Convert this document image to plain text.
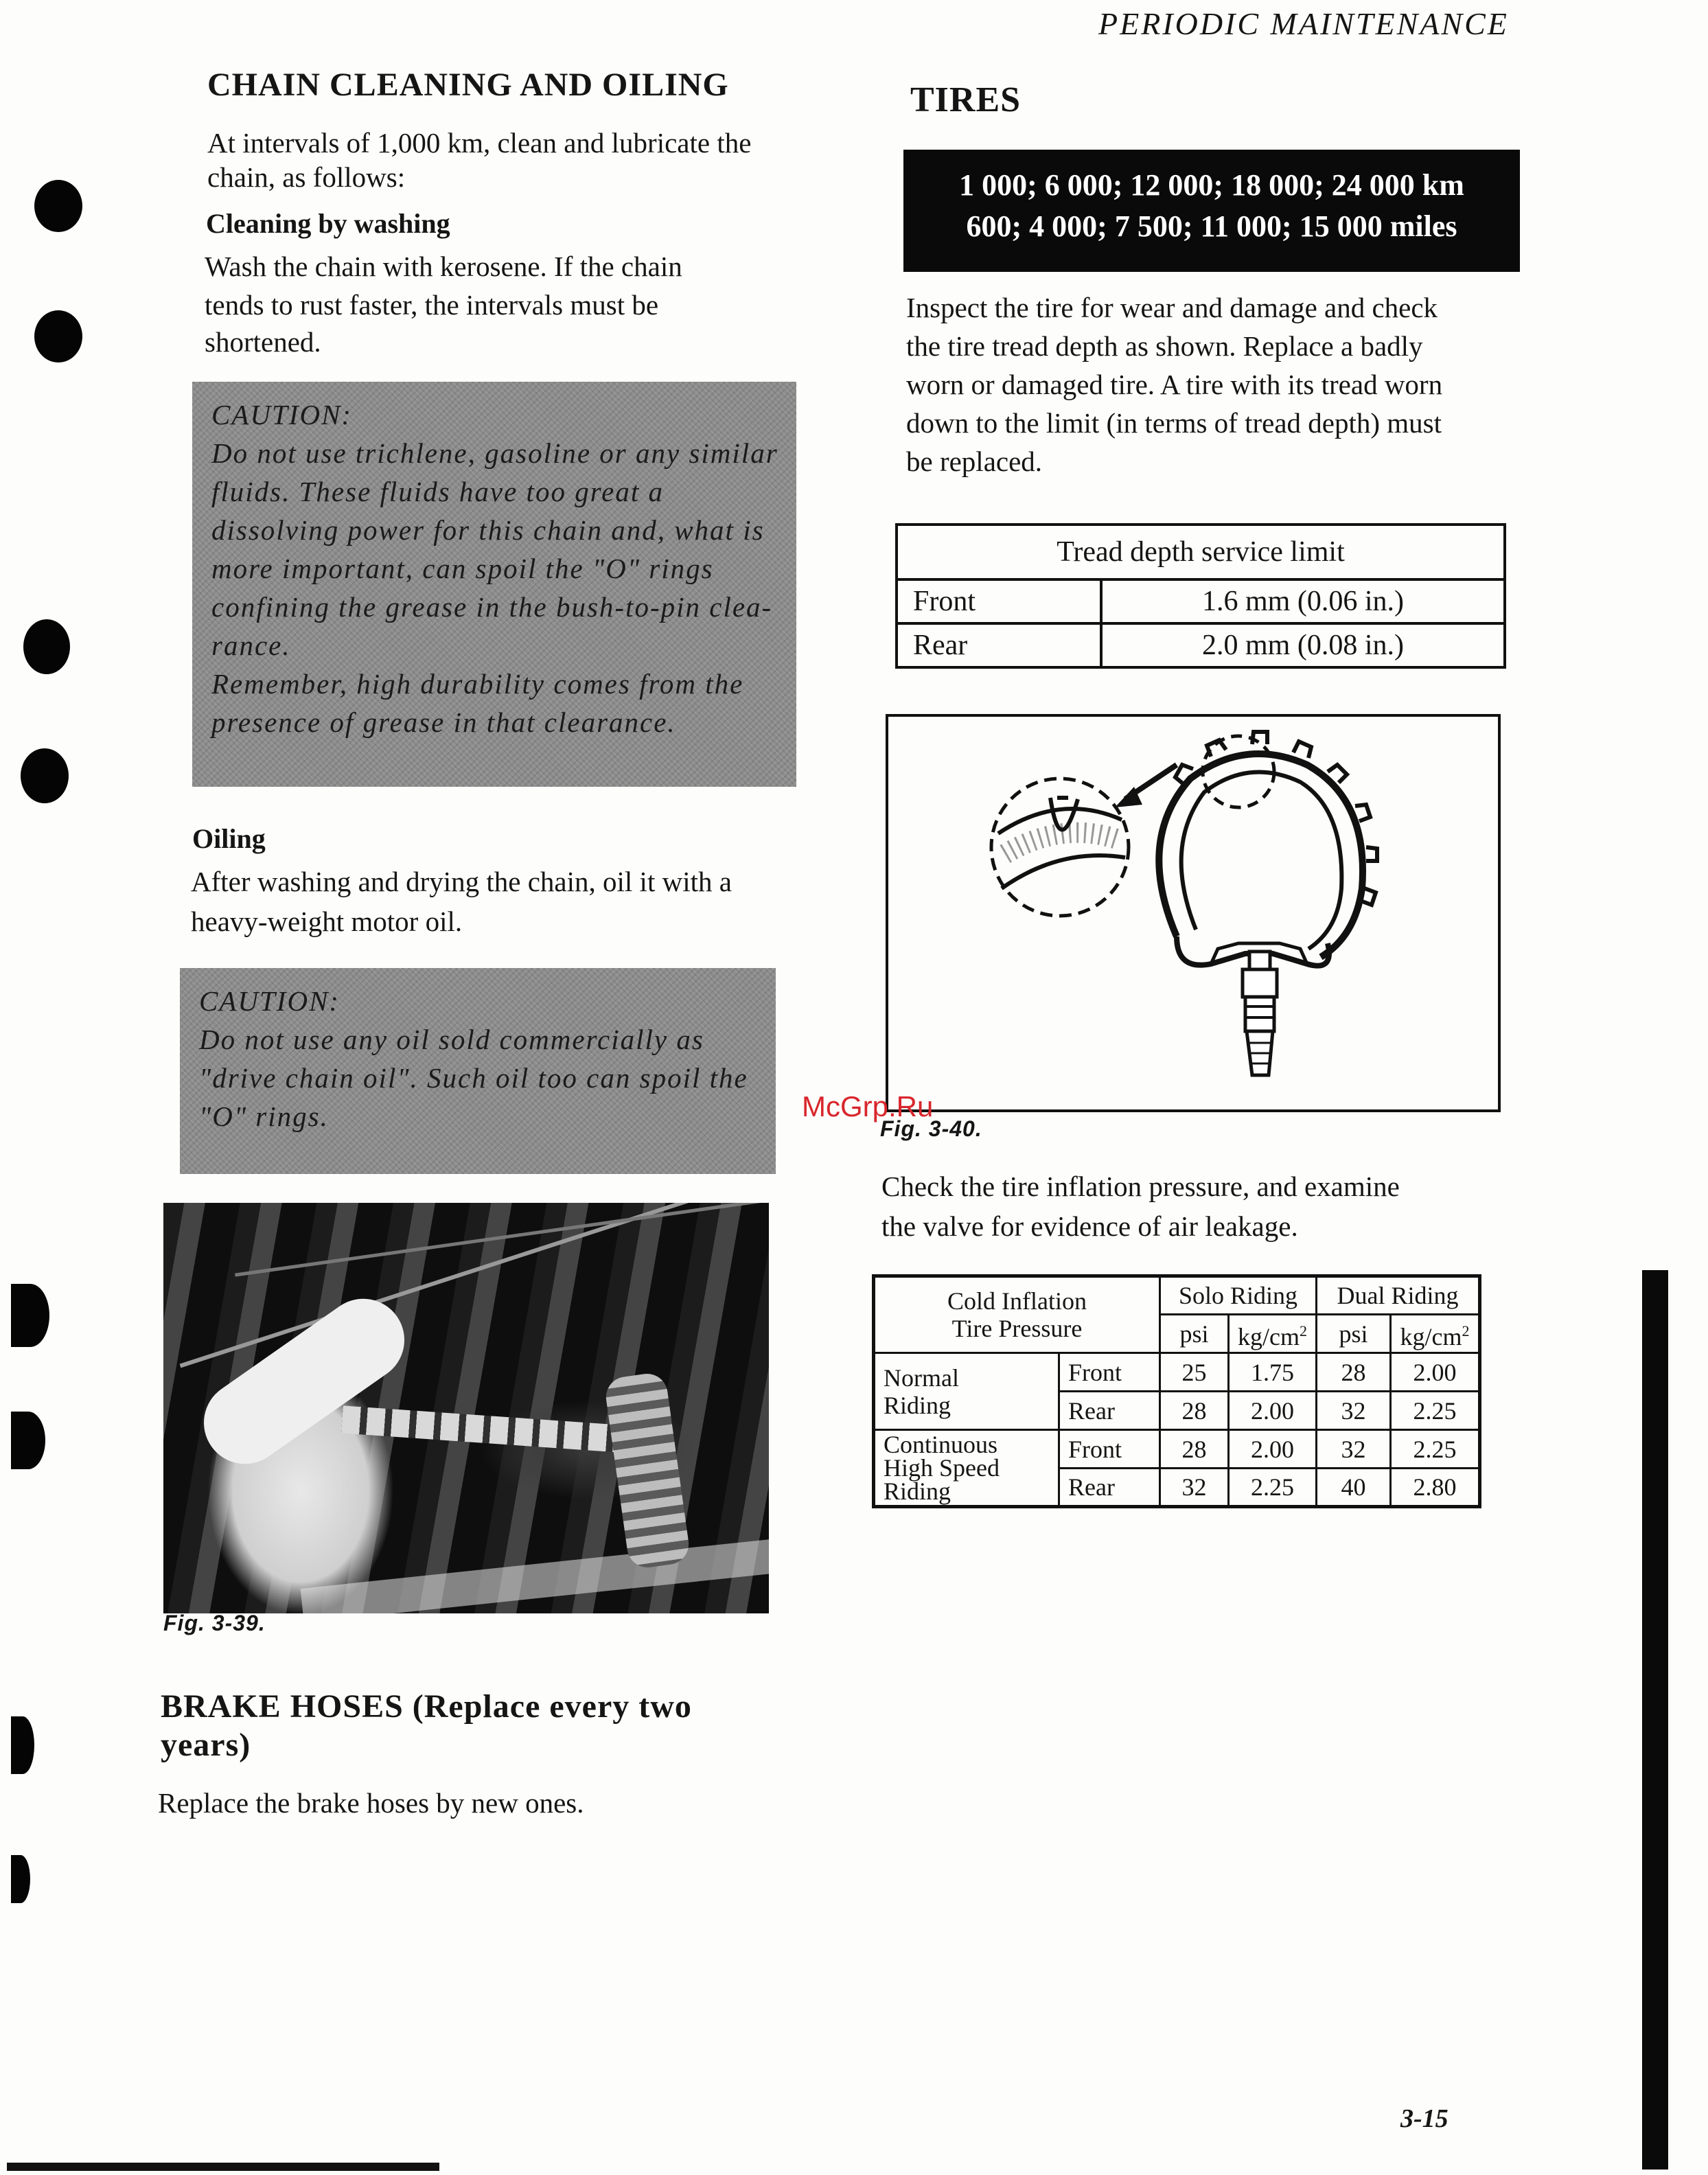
PERIODIC MAINTENANCE
CHAIN CLEANING AND OILING

At intervals of 1,000 km, clean and lubricate the

chain, as follows:

Cleaning by washing

Wash the chain with kerosene. If the chain

tends to rust faster, the intervals must be

shortened.

CAUTION:
Do not use trichlene, gasoline or any similar
fluids. These fluids have too great a
dissolving power for this chain and, what is
more important, can spoil the "O" rings
confining the grease in the bush-to-pin clea-
rance.
Remember, high durability comes from the
presence of grease in that clearance.
Oiling

After washing and drying the chain, oil it with a

heavy-weight motor oil.

CAUTION:
Do not use any oil sold commercially as
"drive chain oil". Such oil too can spoil the
"O" rings.
Fig. 3-39.
BRAKE HOSES (Replace every two
years)

Replace the brake hoses by new ones.

TIRES
1 000; 6 000; 12 000; 18 000; 24 000 km
600; 4 000; 7 500; 11 000; 15 000 miles

Inspect the tire for wear and damage and check

the tire tread depth as shown. Replace a badly

worn or damaged tire. A tire with its tread worn

down to the limit (in terms of tread depth) must

be replaced.

Tread depth service limit	
Front	1.6 mm (0.06 in.)
Rear	2.0 mm (0.08 in.)
McGrp.Ru
Fig. 3-40.

Check the tire inflation pressure, and examine

the valve for evidence of air leakage.

Cold Inflation
Tire Pressure		Solo Riding		Dual Riding	
		psi	$kg/cm^2$	psi	$kg/cm^2$
Normal
Riding	Front	25	1.75	28	2.00
	Rear	28	2.00	32	2.25
Continuous
High Speed
Riding	Front	28	2.00	32	2.25
	Rear	32	2.25	40	2.80
3-15
